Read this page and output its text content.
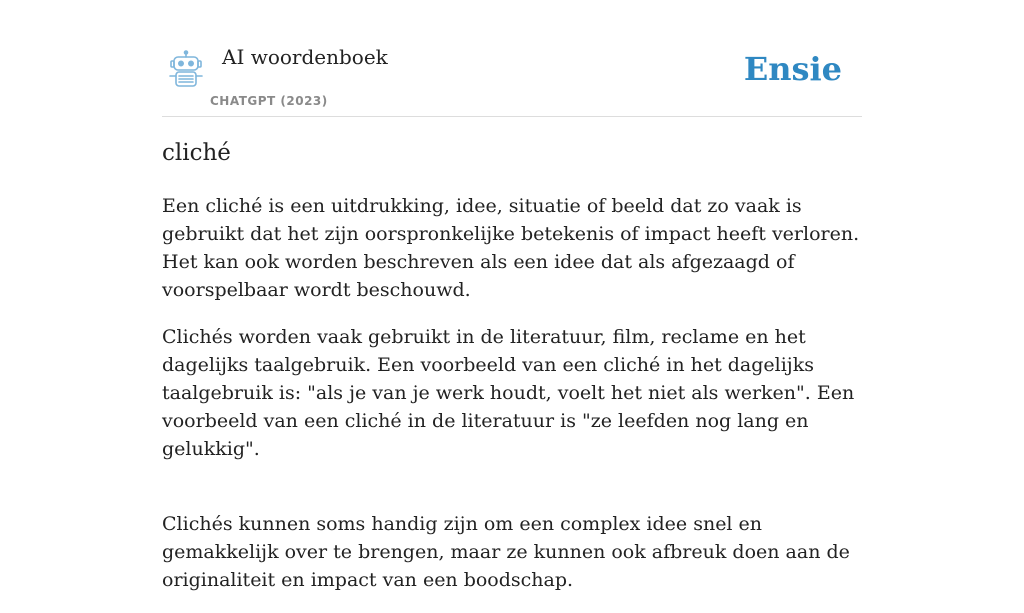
AI woordenboek
CHATGPT (2023)
Ensie
cliché

Een cliché is een uitdrukking, idee, situatie of beeld dat zo vaak is gebruikt dat het zijn oorspronkelijke betekenis of impact heeft verloren. Het kan ook worden beschreven als een idee dat als afgezaagd of voorspelbaar wordt beschouwd.

Clichés worden vaak gebruikt in de literatuur, film, reclame en het dagelijks taalgebruik. Een voorbeeld van een cliché in het dagelijks taalgebruik is: "als je van je werk houdt, voelt het niet als werken". Een voorbeeld van een cliché in de literatuur is "ze leefden nog lang en gelukkig".

Clichés kunnen soms handig zijn om een complex idee snel en gemakkelijk over te brengen, maar ze kunnen ook afbreuk doen aan de originaliteit en impact van een boodschap.
